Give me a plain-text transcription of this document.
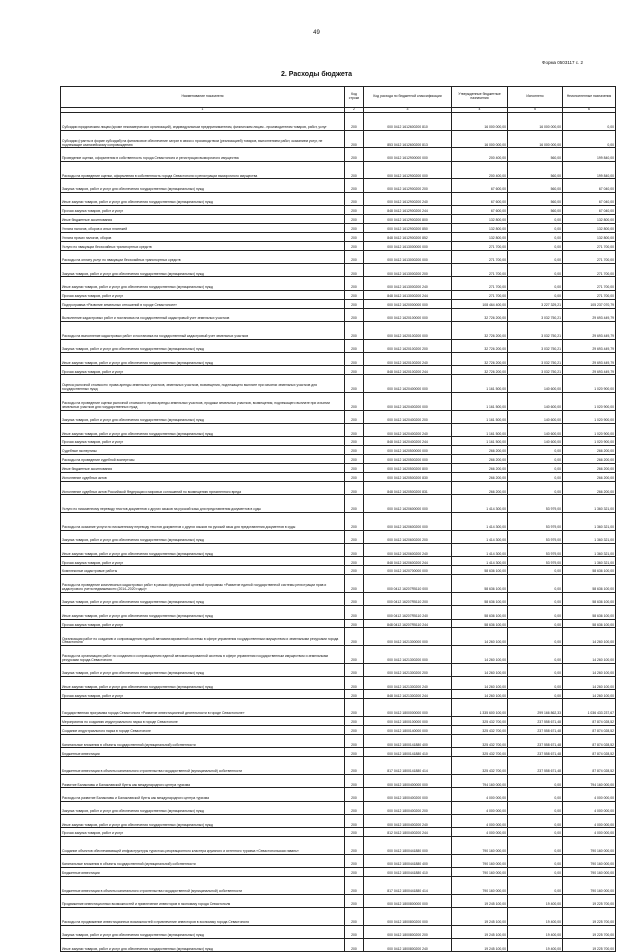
49
Форма 0503117 с. 2
2. Расходы бюджета
Наименование показателя	Код строки	Код расхода по бюджетной классификации	Утвержденные бюджетные назначения	Исполнено	Неисполненные назначения
1	2	3	4	5	6
Субсидии юридическим лицам (кроме некоммерческих организаций), индивидуальным предпринимателям, физическим лицам - производителям товаров, работ, услуг	200	000 0412 1612600200 810	16 000 000,00	16 000 000,00	0,00
Субсидии (гранты в форме субсидий) на финансовое обеспечение затрат в связи с производством (реализацией) товаров, выполнением работ, оказанием услуг, не подлежащие казначейскому сопровождению	200	853 0412 1612600200 813	16 000 000,00	16 000 000,00	0,00
Проведение оценки, оформления в собственность города Севастополя и регистрации выморочного имущества	200	000 0412 1612900000 000	200 400,00	560,00	199 840,00
Расходы на проведение оценки, оформления в собственность города Севастополя и регистрации выморочного имущества	200	000 0412 1612900200 000	200 400,00	560,00	199 840,00
Закупка товаров, работ и услуг для обеспечения государственных (муниципальных) нужд	200	000 0412 1612900200 200	67 600,00	560,00	67 040,00
Иные закупки товаров, работ и услуг для обеспечения государственных (муниципальных) нужд	200	000 0412 1612900200 240	67 600,00	560,00	67 040,00
Прочая закупка товаров, работ и услуг	200	848 0412 1612900200 244	67 600,00	560,00	67 040,00
Иные бюджетные ассигнования	200	000 0412 1612900200 800	132 800,00	0,00	132 800,00
Уплата налогов, сборов и иных платежей	200	000 0412 1612900200 850	132 800,00	0,00	132 800,00
Уплата прочих налогов, сборов	200	848 0412 1612900200 852	132 800,00	0,00	132 800,00
Услуги по эвакуации бесхозяйных транспортных средств	200	000 0412 1613000000 000	271 700,00	0,00	271 700,00
Расходы на оплату услуг по эвакуации бесхозяйных транспортных средств	200	000 0412 1613000200 000	271 700,00	0,00	271 700,00
Закупка товаров, работ и услуг для обеспечения государственных (муниципальных) нужд	200	000 0412 1613000200 200	271 700,00	0,00	271 700,00
Иные закупки товаров, работ и услуг для обеспечения государственных (муниципальных) нужд	200	000 0412 1613000200 240	271 700,00	0,00	271 700,00
Прочая закупка товаров, работ и услуг	200	848 0412 1613000200 244	271 700,00	0,00	271 700,00
Подпрограмма «Развитие земельных отношений в городе Севастополе»	200	000 0412 1620000000 000	108 464 400,00	3 227 329,21	105 237 070,79
Выполнение кадастровых работ и постановка на государственный кадастровый учет земельных участков	200	000 0412 1620100000 000	32 726 200,00	3 032 750,21	29 693 449,79
Расходы на выполнение кадастровых работ и постановка на государственный кадастровый учет земельных участков	200	000 0412 1620100200 000	32 726 200,00	3 032 750,21	29 693 449,79
Закупка товаров, работ и услуг для обеспечения государственных (муниципальных) нужд	200	000 0412 1620100200 200	32 726 200,00	3 032 750,21	29 693 449,79
Иные закупки товаров, работ и услуг для обеспечения государственных (муниципальных) нужд	200	000 0412 1620100200 240	32 726 200,00	3 032 750,21	29 693 449,79
Прочая закупка товаров, работ и услуг	200	848 0412 1620100200 244	32 726 200,00	3 032 750,21	29 693 449,79
Оценка рыночной стоимости: права аренды земельных участков, земельных участков, возмещения, подлежащего выплате при изъятии земельных участков для государственных нужд	200	000 0412 1620400000 000	1 161 500,00	140 600,00	1 020 900,00
Расходы на проведение оценки рыночной стоимости: права аренды земельных участков, продажи земельных участков, возмещения, подлежащего выплате при изъятии земельных участков для государственных нужд	200	000 0412 1620400200 000	1 161 500,00	140 600,00	1 020 900,00
Закупка товаров, работ и услуг для обеспечения государственных (муниципальных) нужд	200	000 0412 1620400200 200	1 161 500,00	140 600,00	1 020 900,00
Иные закупки товаров, работ и услуг для обеспечения государственных (муниципальных) нужд	200	000 0412 1620400200 240	1 161 500,00	140 600,00	1 020 900,00
Прочая закупка товаров, работ и услуг	200	848 0412 1620400200 244	1 161 500,00	140 600,00	1 020 900,00
Судебные экспертизы	200	000 0412 1620500000 000	266 200,00	0,00	266 200,00
Расходы на проведение судебной экспертизы	200	000 0412 1620500200 000	266 200,00	0,00	266 200,00
Иные бюджетные ассигнования	200	000 0412 1620500200 800	266 200,00	0,00	266 200,00
Исполнение судебных актов	200	000 0412 1620500200 830	266 200,00	0,00	266 200,00
Исполнение судебных актов Российской Федерации и мировых соглашений по возмещению причиненного вреда	200	848 0412 1620500200 831	266 200,00	0,00	266 200,00
Услуги по письменному переводу текстов документов с других языков на русский язык для представления документов в суды	200	000 0412 1620600000 000	1 414 300,00	53 979,00	1 360 321,00
Расходы на оказание услуги по письменному переводу текстов документов с других языков на русский язык для представления документов в суды	200	000 0412 1620600200 000	1 414 300,00	53 979,00	1 360 321,00
Закупка товаров, работ и услуг для обеспечения государственных (муниципальных) нужд	200	000 0412 1620600200 200	1 414 300,00	53 979,00	1 360 321,00
Иные закупки товаров, работ и услуг для обеспечения государственных (муниципальных) нужд	200	000 0412 1620600200 240	1 414 300,00	53 979,00	1 360 321,00
Прочая закупка товаров, работ и услуг	200	848 0412 1620600200 244	1 414 300,00	53 979,00	1 360 321,00
Комплексные кадастровые работы	200	000 0412 1620700000 000	58 636 100,00	0,00	58 636 100,00
Расходы на проведение комплексных кадастровых работ в рамках федеральной целевой программы «Развитие единой государственной системы регистрации прав и кадастрового учета недвижимости (2014–2020 годы)»	200	000 0412 16207R5110 000	58 636 100,00	0,00	58 636 100,00
Закупка товаров, работ и услуг для обеспечения государственных (муниципальных) нужд	200	000 0412 16207R5110 200	58 636 100,00	0,00	58 636 100,00
Иные закупки товаров, работ и услуг для обеспечения государственных (муниципальных) нужд	200	000 0412 16207R5110 240	58 636 100,00	0,00	58 636 100,00
Прочая закупка товаров, работ и услуг	200	848 0412 16207R5110 244	58 636 100,00	0,00	58 636 100,00
Организация работ по созданию и сопровождению единой автоматизированной системы в сфере управления государственным имуществом и земельными ресурсами города Севастополя	200	000 0412 1621300000 000	14 260 100,00	0,00	14 260 100,00
Расходы на организацию работ по созданию и сопровождению единой автоматизированной системы в сфере управления государственным имуществом и земельными ресурсами города Севастополя	200	000 0412 1621300200 000	14 260 100,00	0,00	14 260 100,00
Закупка товаров, работ и услуг для обеспечения государственных (муниципальных) нужд	200	000 0412 1621300200 200	14 260 100,00	0,00	14 260 100,00
Иные закупки товаров, работ и услуг для обеспечения государственных (муниципальных) нужд	200	000 0412 1621300200 240	14 260 100,00	0,00	14 260 100,00
Прочая закупка товаров, работ и услуг	200	848 0412 1621300200 244	14 260 100,00	0,00	14 260 100,00
Государственная программа города Севастополя «Развитие инвестиционной деятельности в городе Севастополе»	200	000 0412 1800000000 000	1 335 600 100,00	299 166 862,33	1 036 433 237,67
Мероприятия по созданию индустриального парка в городе Севастополе	200	000 0412 1800100000 000	325 432 700,00	237 558 671,48	87 874 028,52
Создание индустриального парка в городе Севастополе	200	000 0412 1800140000 000	325 432 700,00	237 558 671,48	87 874 028,52
Капитальные вложения в объекты государственной (муниципальной) собственности	200	000 0412 1800141880 400	325 432 700,00	237 558 671,48	87 874 028,52
Бюджетные инвестиции	200	000 0412 1800141880 410	325 432 700,00	237 558 671,48	87 874 028,52
Бюджетные инвестиции в объекты капитального строительства государственной (муниципальной) собственности	200	817 0412 1800141880 414	325 432 700,00	237 558 671,48	87 874 028,52
Развитие Балаклавы и Балаклавской бухты как международного центра туризма	200	000 0412 1800400000 000	794 160 000,00	0,00	794 160 000,00
Расходы на развитие Балаклавы и Балаклавской бухты как международного центра туризма	200	000 0412 1800400200 000	4 000 000,00	0,00	4 000 000,00
Закупка товаров, работ и услуг для обеспечения государственных (муниципальных) нужд	200	000 0412 1800400200 200	4 000 000,00	0,00	4 000 000,00
Иные закупки товаров, работ и услуг для обеспечения государственных (муниципальных) нужд	200	000 0412 1800400200 240	4 000 000,00	0,00	4 000 000,00
Прочая закупка товаров, работ и услуг	200	812 0412 1800400200 244	4 000 000,00	0,00	4 000 000,00
Создание объектов обеспечивающей инфраструктуры туристско-рекреационного кластера круизного и яхтенного туризма «Севастопольская гавань»	200	000 0412 1800441880 000	790 160 000,00	0,00	790 160 000,00
Капитальные вложения в объекты государственной (муниципальной) собственности	200	000 0412 1800441880 400	790 160 000,00	0,00	790 160 000,00
Бюджетные инвестиции	200	000 0412 1800441880 410	790 160 000,00	0,00	790 160 000,00
Бюджетные инвестиции в объекты капитального строительства государственной (муниципальной) собственности	200	817 0412 1800441880 414	790 160 000,00	0,00	790 160 000,00
Продвижение инвестиционных возможностей и привлечение инвесторов в экономику города Севастополя	200	000 0412 1800800000 000	19 245 100,00	19 400,00	19 225 700,00
Расходы на продвижение инвестиционных возможностей и привлечение инвесторов в экономику города Севастополя	200	000 0412 1800800200 000	19 245 100,00	19 400,00	19 225 700,00
Закупка товаров, работ и услуг для обеспечения государственных (муниципальных) нужд	200	000 0412 1800800200 200	19 245 100,00	19 400,00	19 225 700,00
Иные закупки товаров, работ и услуг для обеспечения государственных (муниципальных) нужд	200	000 0412 1800800200 240	19 245 100,00	19 400,00	19 225 700,00
